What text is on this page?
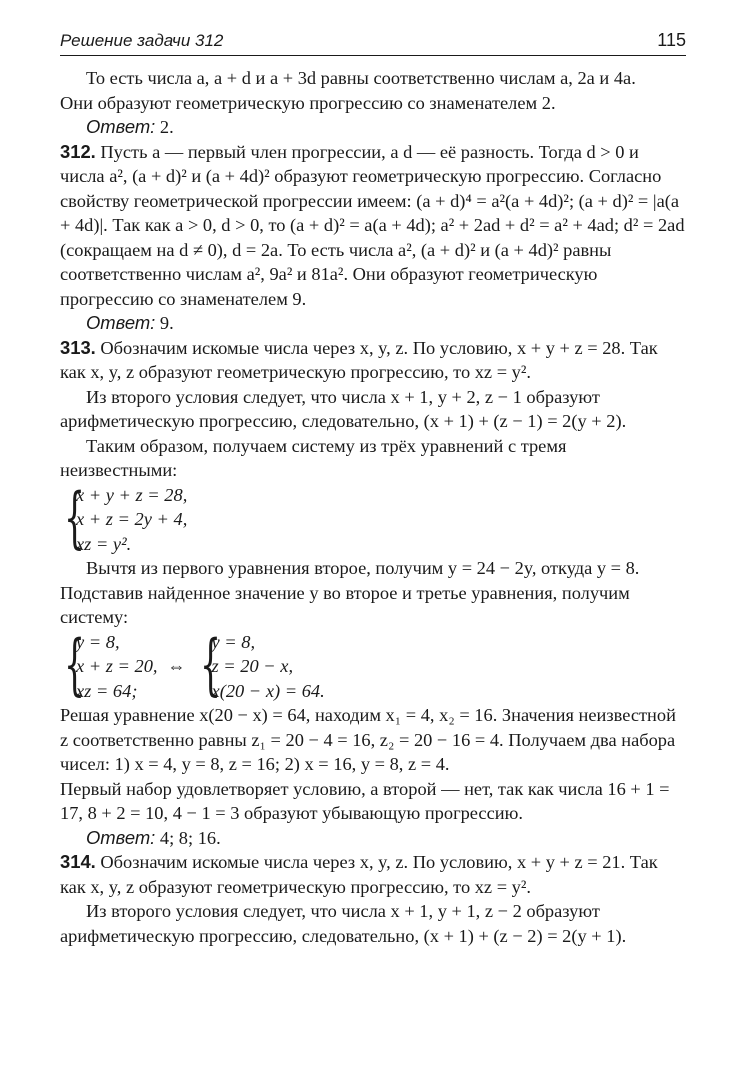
Решение задачи 312	115

То есть числа a, a + d и a + 3d равны соответственно числам a, 2a и 4a.

Они образуют геометрическую прогрессию со знаменателем 2.

Ответ: 2.

312. Пусть a — первый член прогрессии, а d — её разность. Тогда d > 0 и числа a², (a + d)² и (a + 4d)² образуют геометрическую прогрессию. Согласно свойству геометрической прогрессии имеем: (a + d)⁴ = a²(a + 4d)²; (a + d)² = |a(a + 4d)|. Так как a > 0, d > 0, то (a + d)² = a(a + 4d); a² + 2ad + d² = a² + 4ad; d² = 2ad (сокращаем на d ≠ 0), d = 2a. То есть числа a², (a + d)² и (a + 4d)² равны соответственно числам a², 9a² и 81a². Они образуют геометрическую прогрессию со знаменателем 9.

Ответ: 9.

313. Обозначим искомые числа через x, y, z. По условию, x + y + z = 28. Так как x, y, z образуют геометрическую прогрессию, то xz = y².

Из второго условия следует, что числа x + 1, y + 2, z − 1 образуют арифметическую прогрессию, следовательно, (x + 1) + (z − 1) = 2(y + 2).

Таким образом, получаем систему из трёх уравнений с тремя неизвестными:

{
x + y + z = 28,
x + z = 2y + 4,
xz = y².

Вычтя из первого уравнения второе, получим y = 24 − 2y, откуда y = 8.

Подставив найденное значение y во второе и третье уравнения, получим систему:

{
y = 8,
x + z = 20,
xz = 64;
⇔ {
y = 8,
z = 20 − x,
x(20 − x) = 64.

Решая уравнение x(20 − x) = 64, находим x₁ = 4, x₂ = 16. Значения неизвестной z соответственно равны z₁ = 20 − 4 = 16, z₂ = 20 − 16 = 4. Получаем два набора чисел: 1) x = 4, y = 8, z = 16; 2) x = 16, y = 8, z = 4.

Первый набор удовлетворяет условию, а второй — нет, так как числа 16 + 1 = 17, 8 + 2 = 10, 4 − 1 = 3 образуют убывающую прогрессию.

Ответ: 4; 8; 16.

314. Обозначим искомые числа через x, y, z. По условию, x + y + z = 21. Так как x, y, z образуют геометрическую прогрессию, то xz = y².

Из второго условия следует, что числа x + 1, y + 1, z − 2 образуют арифметическую прогрессию, следовательно, (x + 1) + (z − 2) = 2(y + 1).
